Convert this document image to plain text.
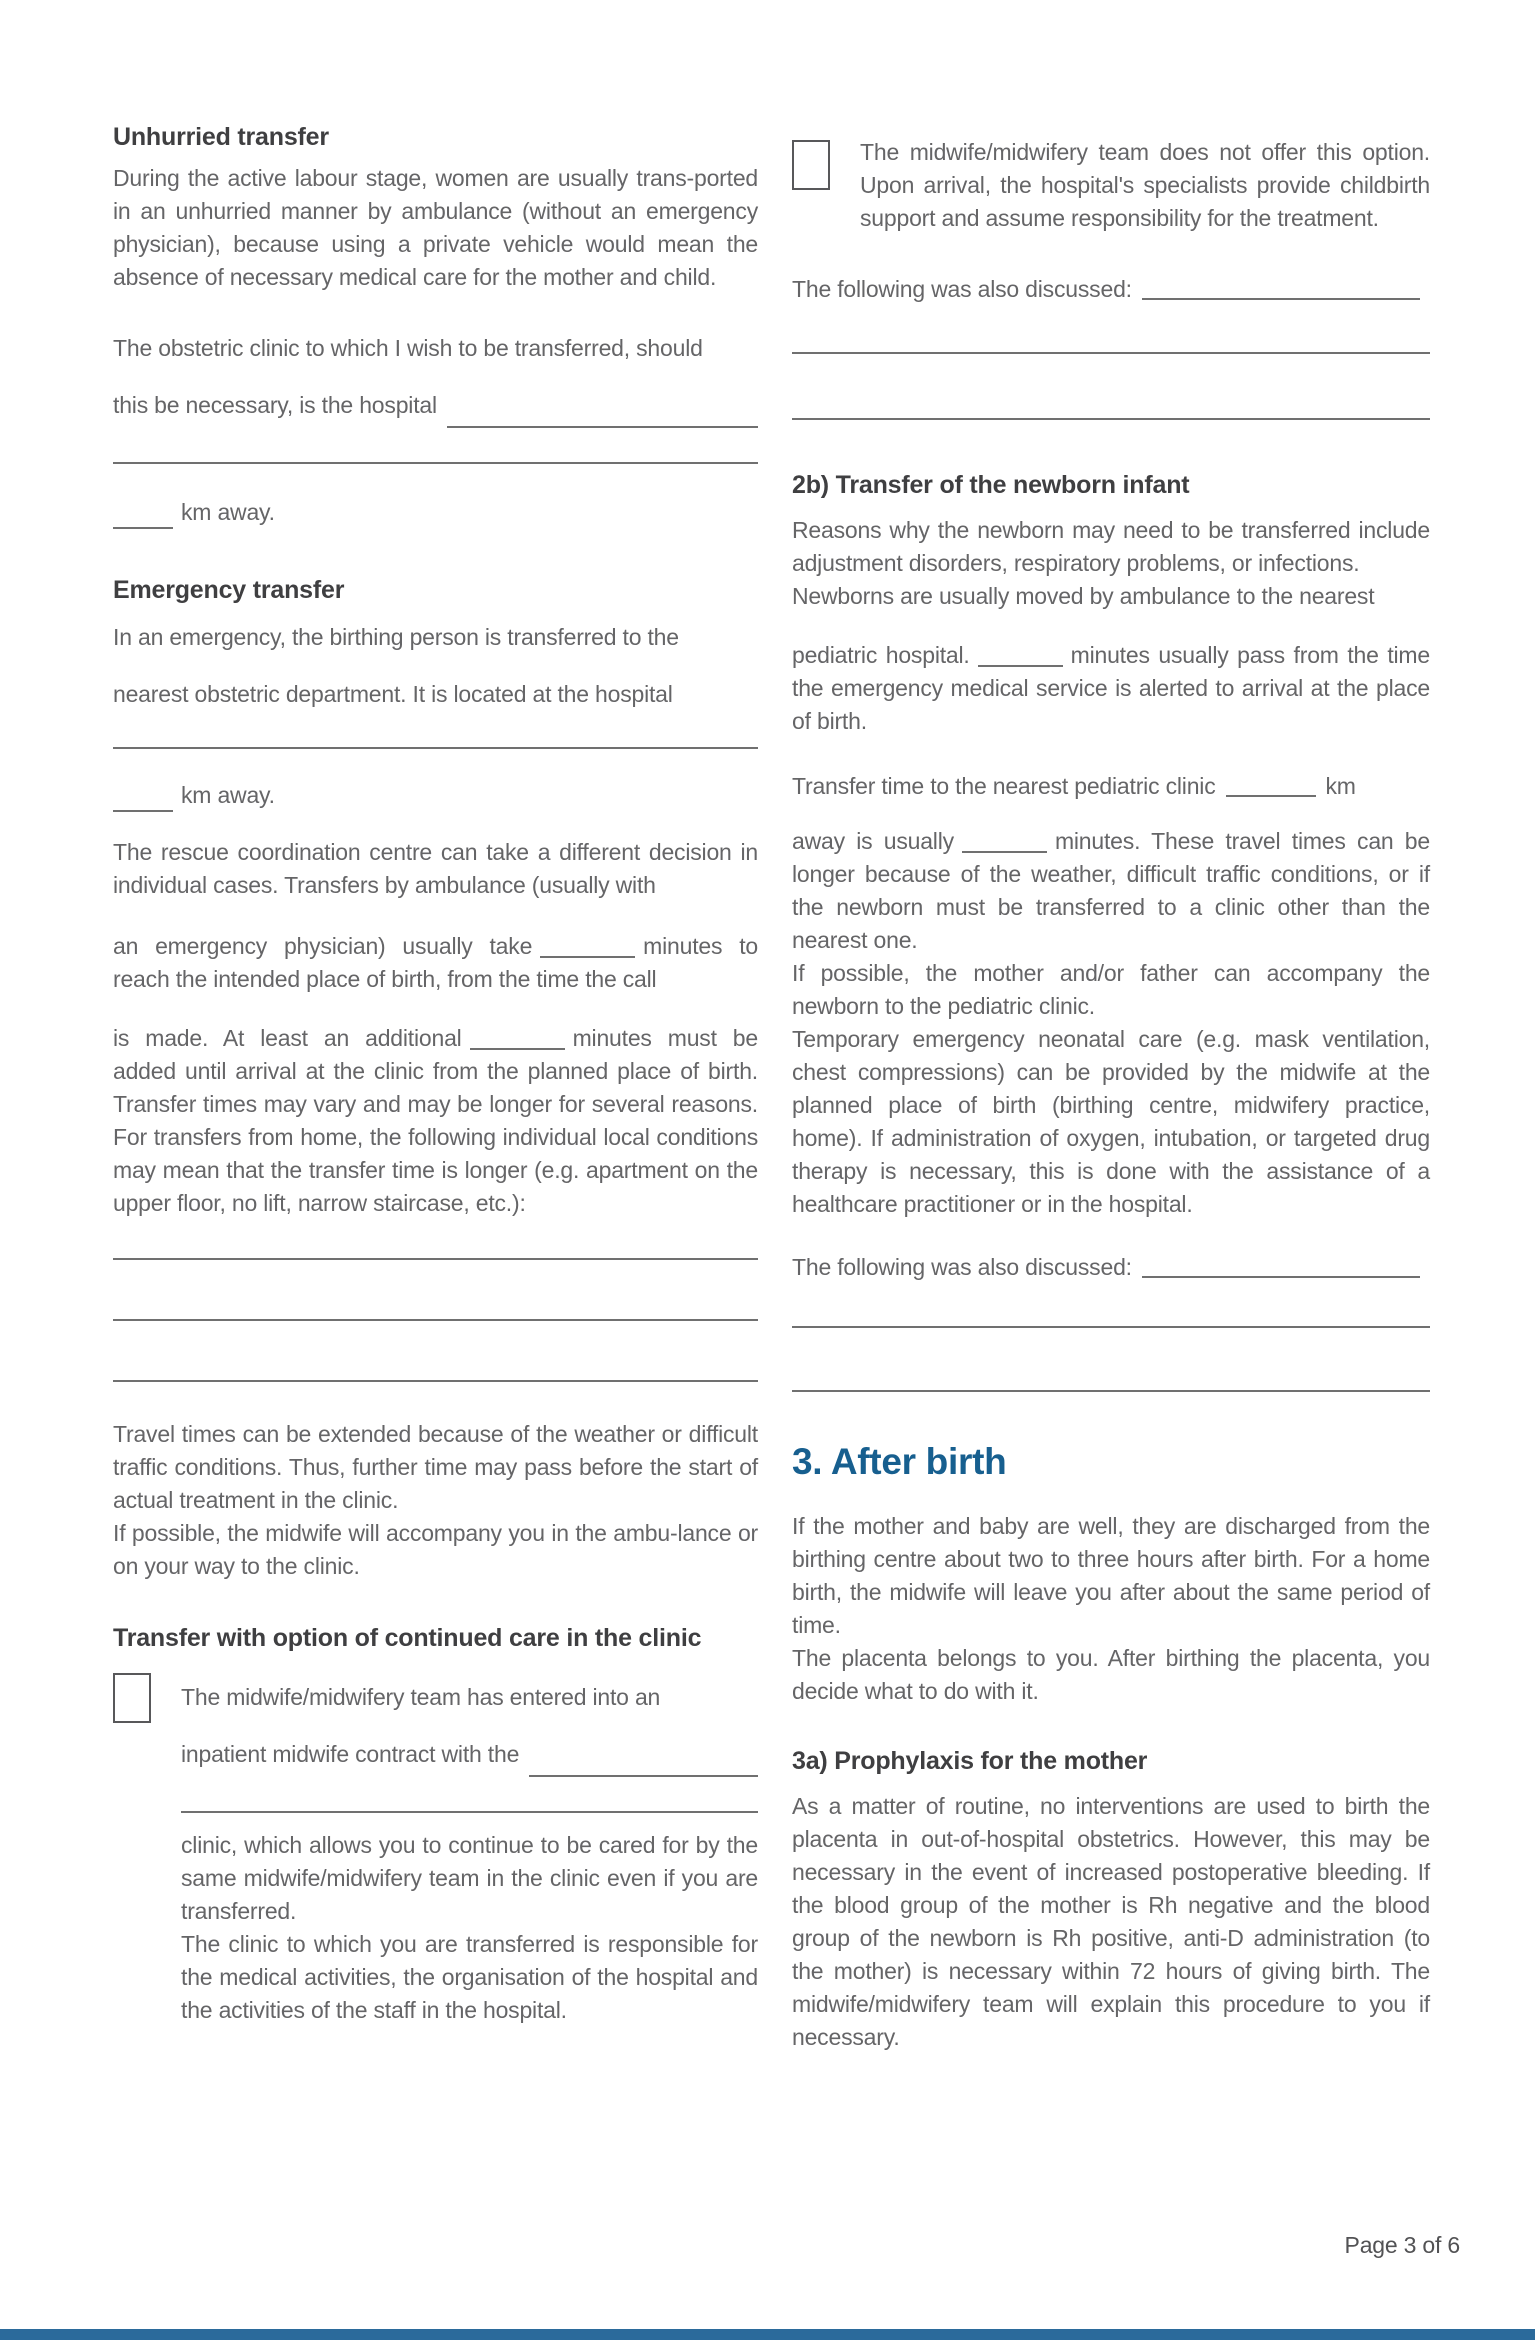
Unhurried transfer

During the active labour stage, women are usually trans-ported in an unhurried manner by ambulance (without an emergency physician), because using a private vehicle would mean the absence of necessary medical care for the mother and child.

The obstetric clinic to which I wish to be transferred, should

this be necessary, is the hospital
km away.
Emergency transfer

In an emergency, the birthing person is transferred to the

nearest obstetric department. It is located at the hospital

km away.

The rescue coordination centre can take a different decision in individual cases. Transfers by ambulance (usually with

an emergency physician) usually take	minutes to reach the intended place of birth, from the time the call

is made. At least an additional	minutes must be added until arrival at the clinic from the planned place of birth. Transfer times may vary and may be longer for several reasons. For transfers from home, the following individual local conditions may mean that the transfer time is longer (e.g. apartment on the upper floor, no lift, narrow staircase, etc.):

Travel times can be extended because of the weather or difficult traffic conditions. Thus, further time may pass before the start of actual treatment in the clinic.

If possible, the midwife will accompany you in the ambu-lance or on your way to the clinic.

Transfer with option of continued care in the clinic

The midwife/midwifery team has entered into an

inpatient midwife contract with the

clinic, which allows you to continue to be cared for by the same midwife/midwifery team in the clinic even if you are transferred.

The clinic to which you are transferred is responsible for the medical activities, the organisation of the hospital and the activities of the staff in the hospital.

The midwife/midwifery team does not offer this option. Upon arrival, the hospital's specialists provide childbirth support and assume responsibility for the treatment.

The following was also discussed:
2b) Transfer of the newborn infant

Reasons why the newborn may need to be transferred include adjustment disorders, respiratory problems, or infections.

Newborns are usually moved by ambulance to the nearest

pediatric hospital.	minutes usually pass from the time the emergency medical service is alerted to arrival at the place of birth.

Transfer time to the nearest pediatric clinic	km

away is usually	minutes. These travel times can be longer because of the weather, difficult traffic conditions, or if the newborn must be transferred to a clinic other than the nearest one.

If possible, the mother and/or father can accompany the newborn to the pediatric clinic.

Temporary emergency neonatal care (e.g. mask ventilation, chest compressions) can be provided by the midwife at the planned place of birth (birthing centre, midwifery practice, home). If administration of oxygen, intubation, or targeted drug therapy is necessary, this is done with the assistance of a healthcare practitioner or in the hospital.

The following was also discussed:
3. After birth

If the mother and baby are well, they are discharged from the birthing centre about two to three hours after birth. For a home birth, the midwife will leave you after about the same period of time.

The placenta belongs to you. After birthing the placenta, you decide what to do with it.

3a) Prophylaxis for the mother

As a matter of routine, no interventions are used to birth the placenta in out-of-hospital obstetrics. However, this may be necessary in the event of increased postoperative bleeding. If the blood group of the mother is Rh negative and the blood group of the newborn is Rh positive, anti-D administration (to the mother) is necessary within 72 hours of giving birth. The midwife/midwifery team will explain this procedure to you if necessary.

Page 3 of 6
